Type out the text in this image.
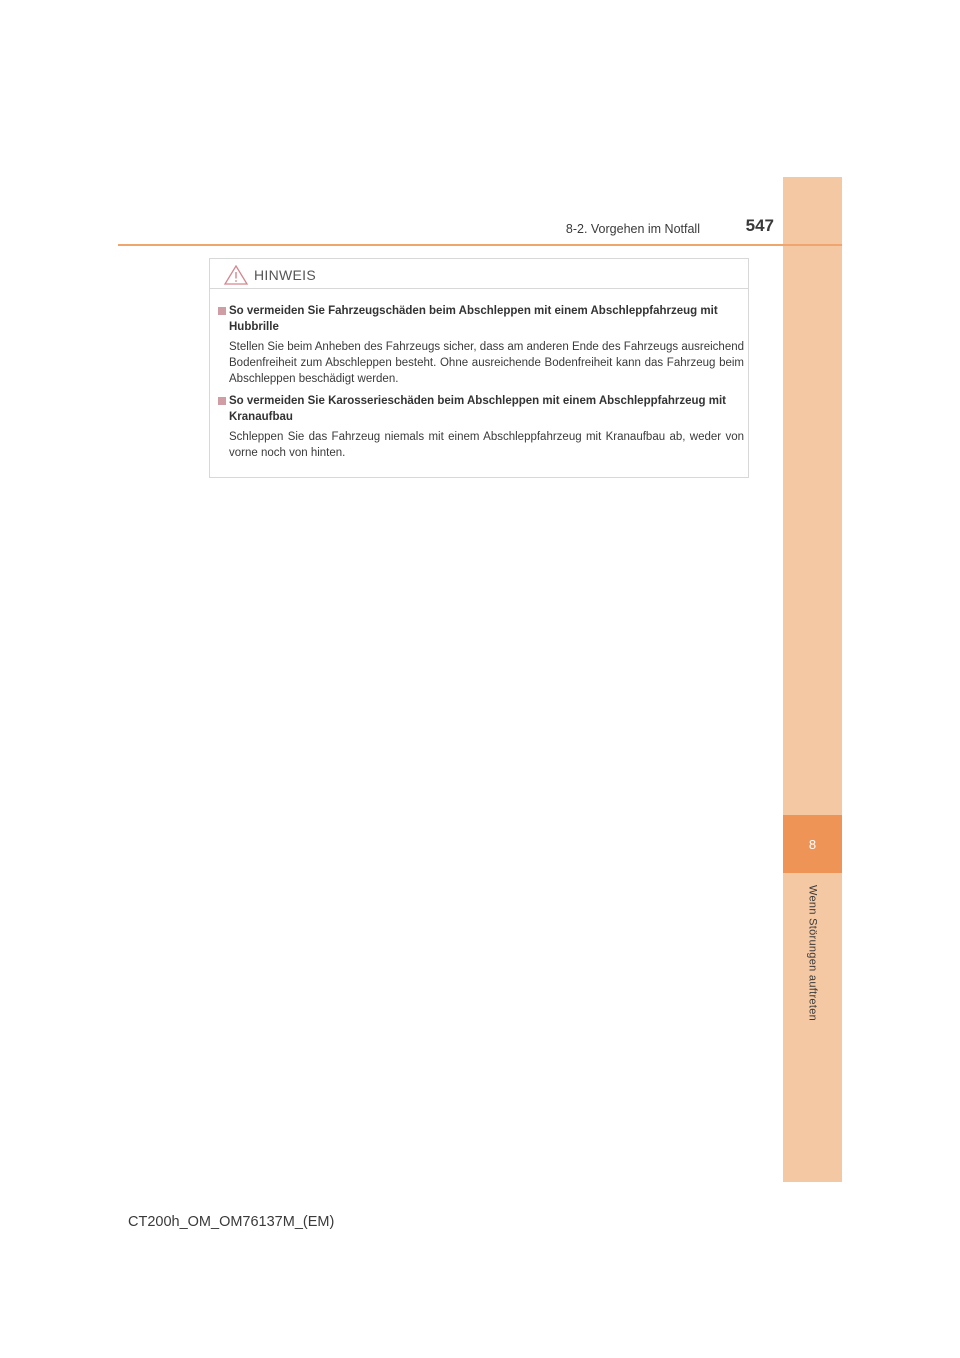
8
Wenn Störungen auftreten
8-2. Vorgehen im Notfall	547
HINWEIS
So vermeiden Sie Fahrzeugschäden beim Abschleppen mit einem Abschleppfahrzeug mit Hubbrille
Stellen Sie beim Anheben des Fahrzeugs sicher, dass am anderen Ende des Fahrzeugs ausreichend Bodenfreiheit zum Abschleppen besteht. Ohne ausreichende Bodenfreiheit kann das Fahrzeug beim Abschleppen beschädigt werden.
So vermeiden Sie Karosserieschäden beim Abschleppen mit einem Abschleppfahrzeug mit Kranaufbau
Schleppen Sie das Fahrzeug niemals mit einem Abschleppfahrzeug mit Kranaufbau ab, weder von vorne noch von hinten.
CT200h_OM_OM76137M_(EM)
